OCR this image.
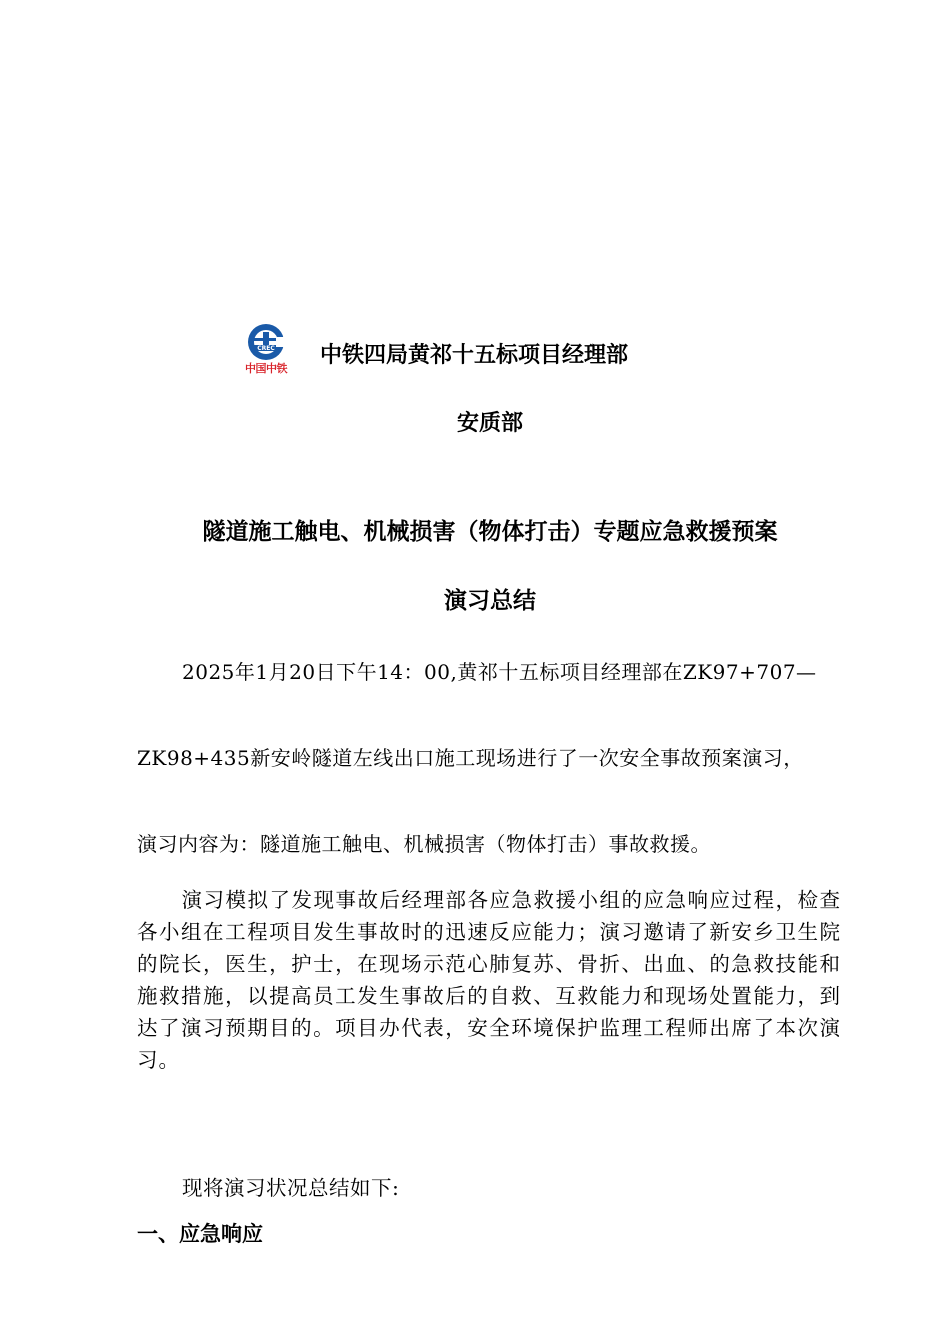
CREC
中国中铁
中铁四局黄祁十五标项目经理部
安质部
隧道施工触电、机械损害（物体打击）专题应急救援预案
演习总结
2025年1月20日下午14：00,黄祁十五标项目经理部在ZK97+707—
ZK98+435新安岭隧道左线出口施工现场进行了一次安全事故预案演习，
演习内容为：隧道施工触电、机械损害（物体打击）事故救援。
演习模拟了发现事故后经理部各应急救援小组的应急响应过程，检查各小组在工程项目发生事故时的迅速反应能力；演习邀请了新安乡卫生院的院长，医生，护士，在现场示范心肺复苏、骨折、出血、的急救技能和施救措施，以提高员工发生事故后的自救、互救能力和现场处置能力，到达了演习预期目的。项目办代表，安全环境保护监理工程师出席了本次演习。
现将演习状况总结如下:
一、应急响应
